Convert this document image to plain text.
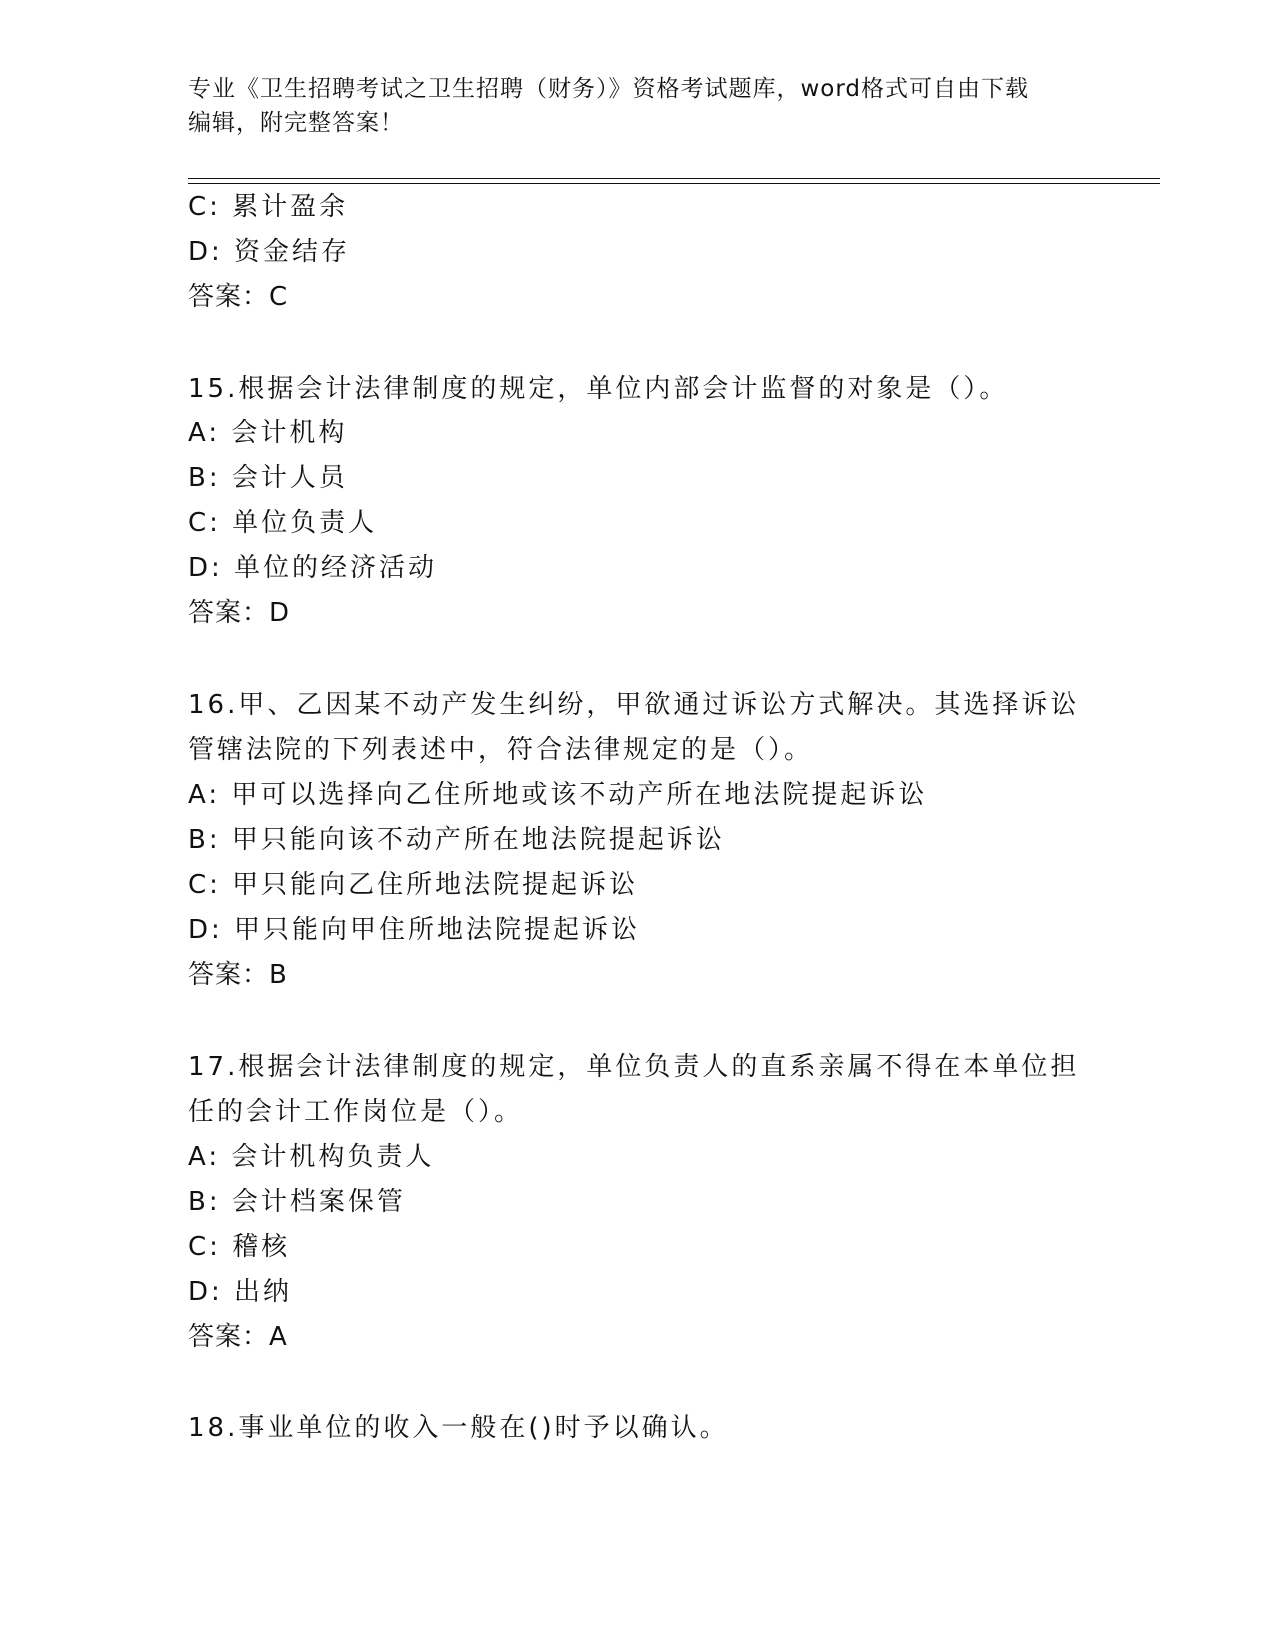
专业《卫生招聘考试之卫生招聘（财务）》资格考试题库，word格式可自由下载
编辑，附完整答案！
C: 累计盈余
D: 资金结存
答案：C
15.根据会计法律制度的规定，单位内部会计监督的对象是（）。
A: 会计机构
B: 会计人员
C: 单位负责人
D: 单位的经济活动
答案：D
16.甲、乙因某不动产发生纠纷，甲欲通过诉讼方式解决。其选择诉讼
管辖法院的下列表述中，符合法律规定的是（）。
A: 甲可以选择向乙住所地或该不动产所在地法院提起诉讼
B: 甲只能向该不动产所在地法院提起诉讼
C: 甲只能向乙住所地法院提起诉讼
D: 甲只能向甲住所地法院提起诉讼
答案：B
17.根据会计法律制度的规定，单位负责人的直系亲属不得在本单位担
任的会计工作岗位是（）。
A: 会计机构负责人
B: 会计档案保管
C: 稽核
D: 出纳
答案：A
18.事业单位的收入一般在()时予以确认。
